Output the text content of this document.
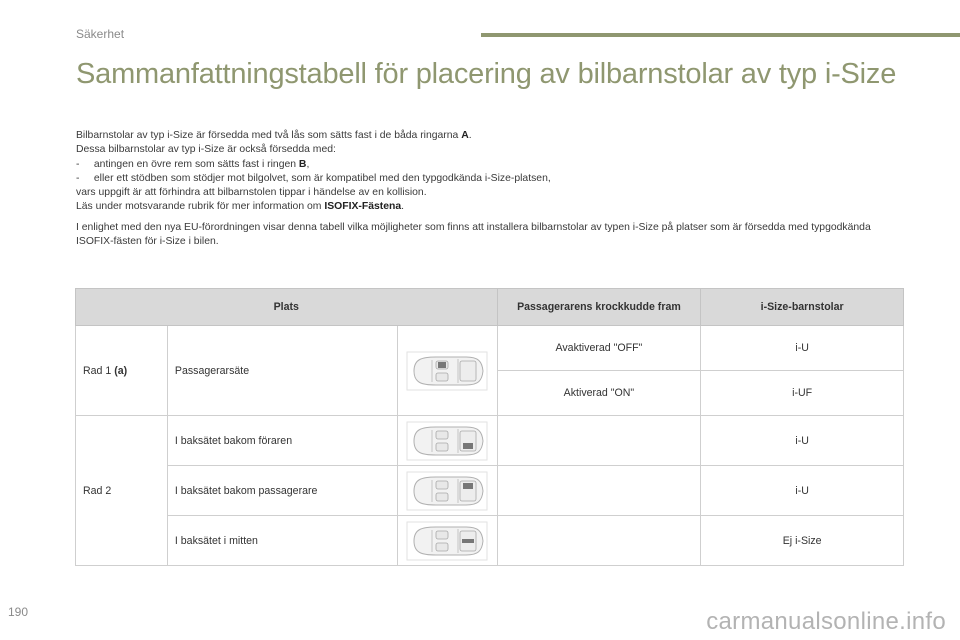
Säkerhet
Sammanfattningstabell för placering av bilbarnstolar av typ i-Size

Bilbarnstolar av typ i-Size är försedda med två lås som sätts fast i de båda ringarna A.

Dessa bilbarnstolar av typ i-Size är också försedda med:

-     antingen en övre rem som sätts fast i ringen B,

-     eller ett stödben som stödjer mot bilgolvet, som är kompatibel med den typgodkända i-Size-platsen,

vars uppgift är att förhindra att bilbarnstolen tippar i händelse av en kollision.

Läs under motsvarande rubrik för mer information om ISOFIX-Fästena.

I enlighet med den nya EU-förordningen visar denna tabell vilka möjligheter som finns att installera bilbarnstolar av typen i-Size på platser som är försedda med typgodkända ISOFIX-fästen för i-Size i bilen.

Plats			Passagerarens krockkudde fram	i-Size-barnstolar
Rad 1 (a)	Passagerarsäte		Avaktiverad "OFF"	i-U
			Aktiverad "ON"	i-UF
Rad 2	I baksätet bakom föraren			i-U
	I baksätet bakom passagerare			i-U
	I baksätet i mitten			Ej i-Size
190	carmanualsonline.info
